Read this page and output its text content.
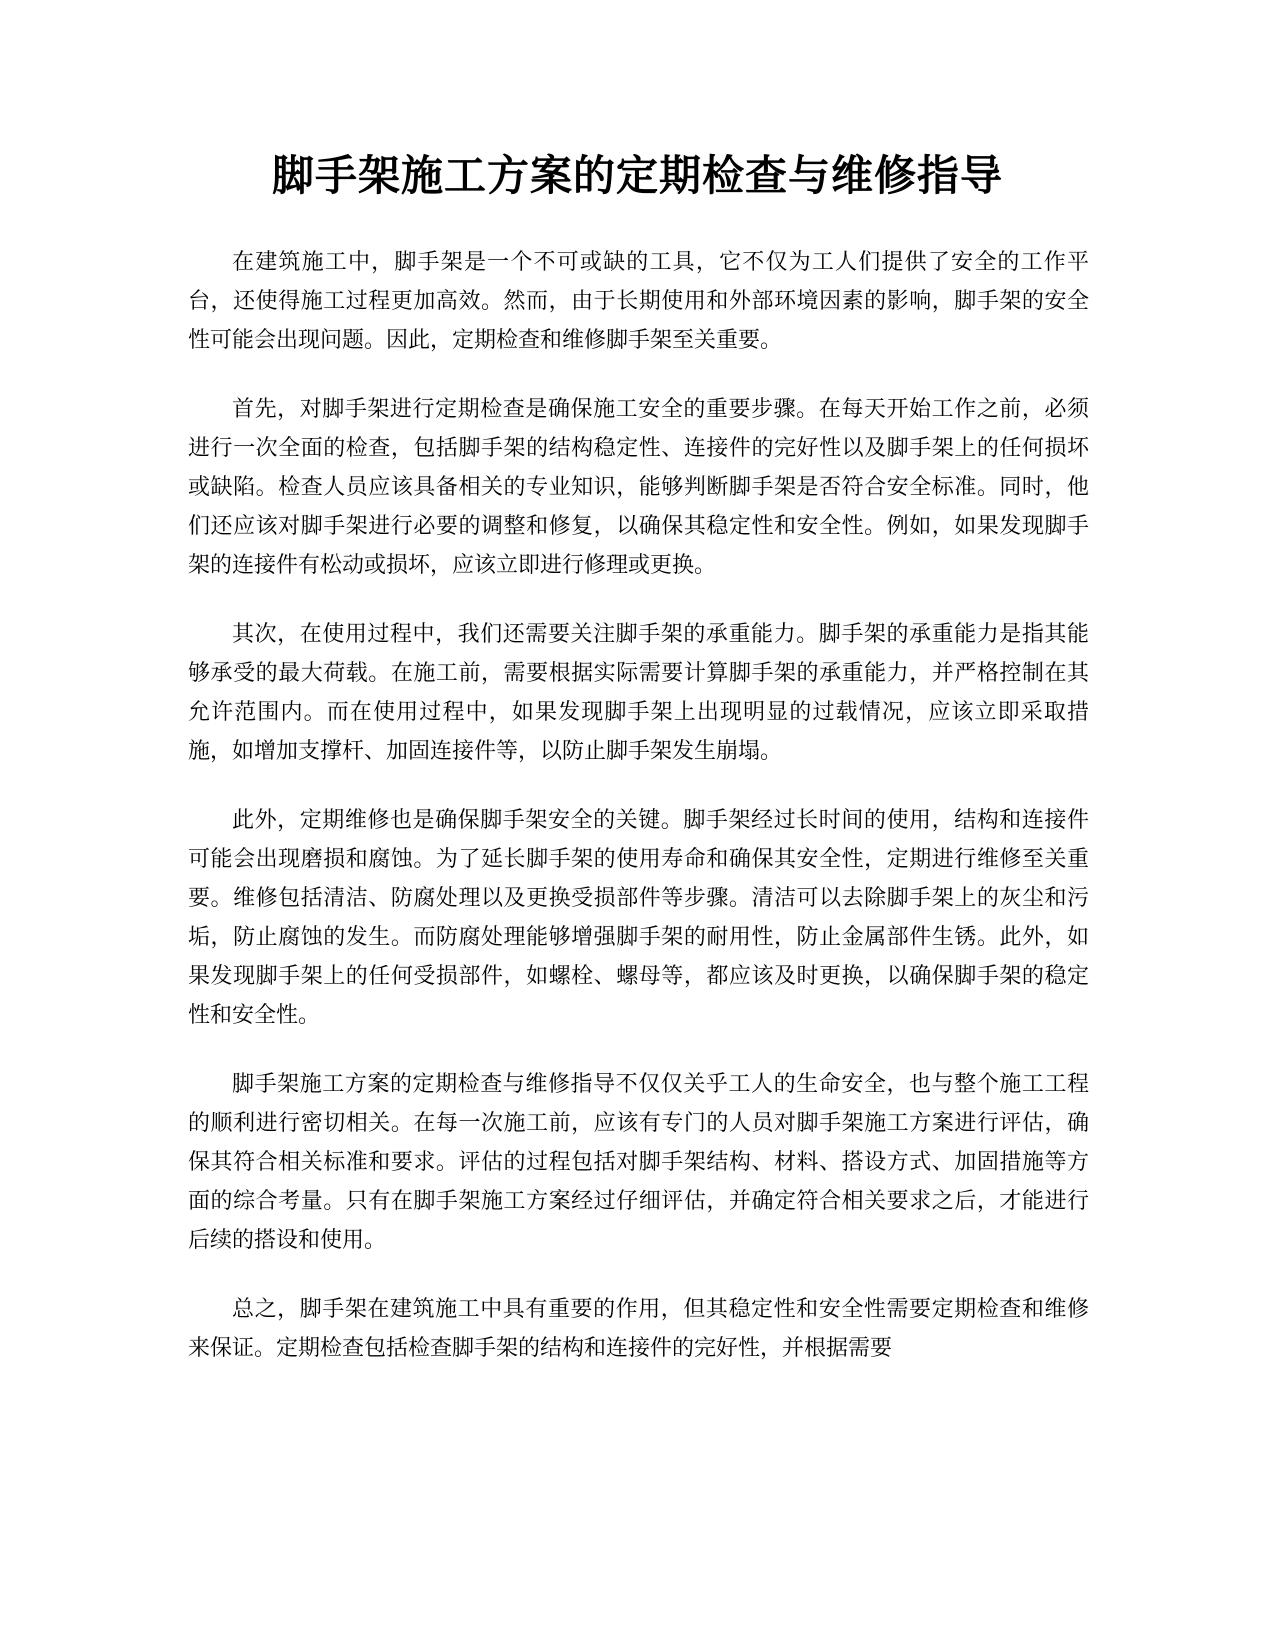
脚手架施工方案的定期检查与维修指导

在建筑施工中，脚手架是一个不可或缺的工具，它不仅为工人们提供了安全的工作平台，还使得施工过程更加高效。然而，由于长期使用和外部环境因素的影响，脚手架的安全性可能会出现问题。因此，定期检查和维修脚手架至关重要。

首先，对脚手架进行定期检查是确保施工安全的重要步骤。在每天开始工作之前，必须进行一次全面的检查，包括脚手架的结构稳定性、连接件的完好性以及脚手架上的任何损坏或缺陷。检查人员应该具备相关的专业知识，能够判断脚手架是否符合安全标准。同时，他们还应该对脚手架进行必要的调整和修复，以确保其稳定性和安全性。例如，如果发现脚手架的连接件有松动或损坏，应该立即进行修理或更换。

其次，在使用过程中，我们还需要关注脚手架的承重能力。脚手架的承重能力是指其能够承受的最大荷载。在施工前，需要根据实际需要计算脚手架的承重能力，并严格控制在其允许范围内。而在使用过程中，如果发现脚手架上出现明显的过载情况，应该立即采取措施，如增加支撑杆、加固连接件等，以防止脚手架发生崩塌。

此外，定期维修也是确保脚手架安全的关键。脚手架经过长时间的使用，结构和连接件可能会出现磨损和腐蚀。为了延长脚手架的使用寿命和确保其安全性，定期进行维修至关重要。维修包括清洁、防腐处理以及更换受损部件等步骤。清洁可以去除脚手架上的灰尘和污垢，防止腐蚀的发生。而防腐处理能够增强脚手架的耐用性，防止金属部件生锈。此外，如果发现脚手架上的任何受损部件，如螺栓、螺母等，都应该及时更换，以确保脚手架的稳定性和安全性。

脚手架施工方案的定期检查与维修指导不仅仅关乎工人的生命安全，也与整个施工工程的顺利进行密切相关。在每一次施工前，应该有专门的人员对脚手架施工方案进行评估，确保其符合相关标准和要求。评估的过程包括对脚手架结构、材料、搭设方式、加固措施等方面的综合考量。只有在脚手架施工方案经过仔细评估，并确定符合相关要求之后，才能进行后续的搭设和使用。

总之，脚手架在建筑施工中具有重要的作用，但其稳定性和安全性需要定期检查和维修来保证。定期检查包括检查脚手架的结构和连接件的完好性，并根据需要
